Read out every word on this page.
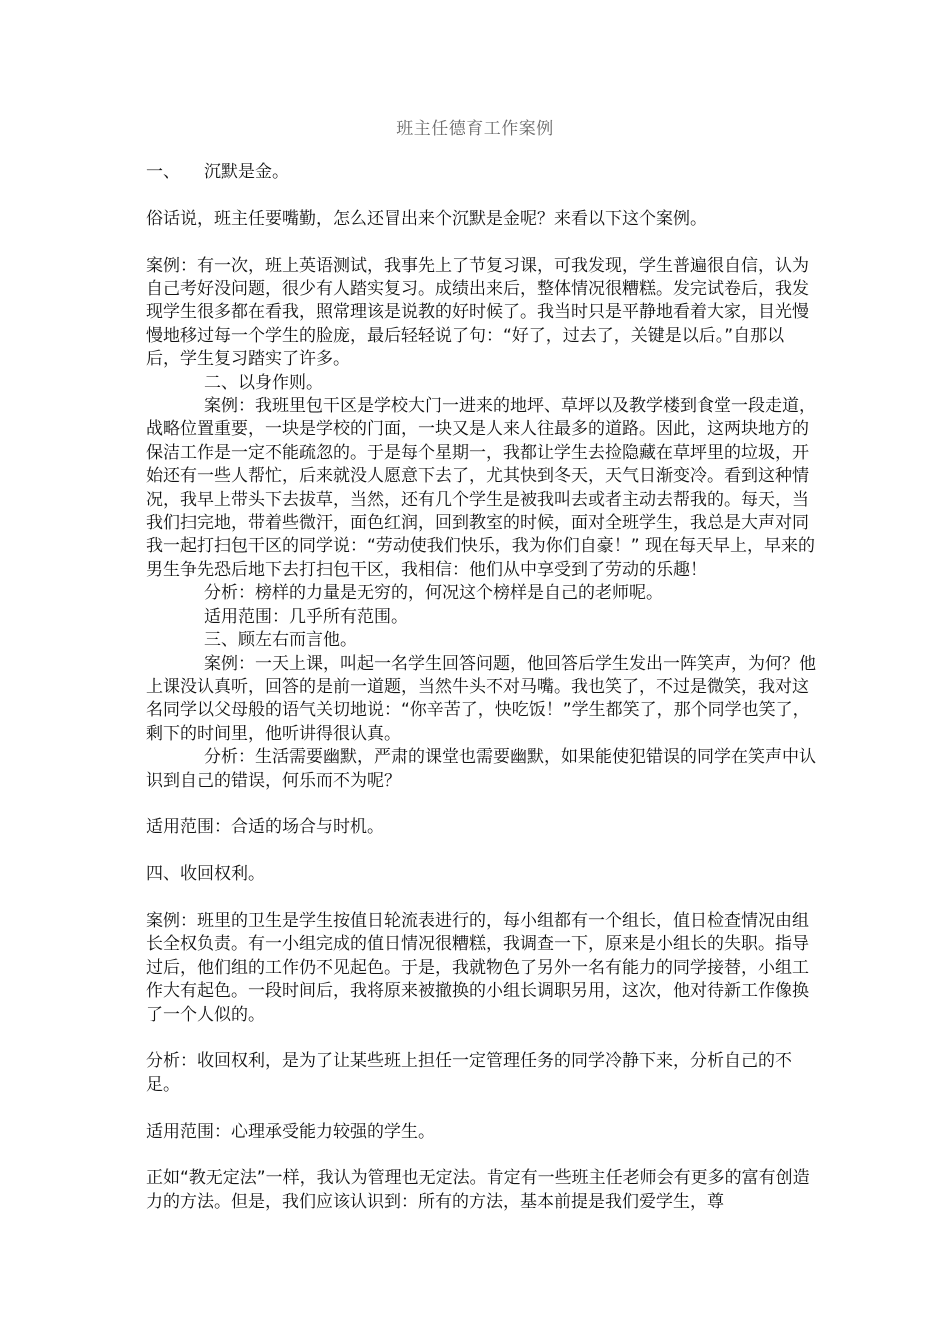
班主任德育工作案例
一、	沉默是金。

俗话说，班主任要嘴勤，怎么还冒出来个沉默是金呢？来看以下这个案例。

案例：有一次，班上英语测试，我事先上了节复习课，可我发现，学生普遍很自信，认为自己考好没问题，很少有人踏实复习。成绩出来后，整体情况很糟糕。发完试卷后，我发现学生很多都在看我，照常理该是说教的好时候了。我当时只是平静地看着大家，目光慢慢地移过每一个学生的脸庞，最后轻轻说了句：“好了，过去了，关键是以后。”自那以后，学生复习踏实了许多。

二、以身作则。

案例：我班里包干区是学校大门一进来的地坪、草坪以及教学楼到食堂一段走道，战略位置重要，一块是学校的门面，一块又是人来人往最多的道路。因此，这两块地方的保洁工作是一定不能疏忽的。于是每个星期一，我都让学生去捡隐藏在草坪里的垃圾，开始还有一些人帮忙，后来就没人愿意下去了，尤其快到冬天，天气日渐变冷。看到这种情况，我早上带头下去拔草，当然，还有几个学生是被我叫去或者主动去帮我的。每天，当我们扫完地，带着些微汗，面色红润，回到教室的时候，面对全班学生，我总是大声对同我一起打扫包干区的同学说：“劳动使我们快乐，我为你们自豪！” 现在每天早上，早来的男生争先恐后地下去打扫包干区，我相信：他们从中享受到了劳动的乐趣！

分析：榜样的力量是无穷的，何况这个榜样是自己的老师呢。

适用范围：几乎所有范围。

三、顾左右而言他。

案例：一天上课，叫起一名学生回答问题，他回答后学生发出一阵笑声，为何？他上课没认真听，回答的是前一道题，当然牛头不对马嘴。我也笑了，不过是微笑，我对这名同学以父母般的语气关切地说：“你辛苦了，快吃饭！”学生都笑了，那个同学也笑了，剩下的时间里，他听讲得很认真。

分析：生活需要幽默，严肃的课堂也需要幽默，如果能使犯错误的同学在笑声中认识到自己的错误，何乐而不为呢？

适用范围：合适的场合与时机。

四、收回权利。

案例：班里的卫生是学生按值日轮流表进行的，每小组都有一个组长，值日检查情况由组长全权负责。有一小组完成的值日情况很糟糕，我调查一下，原来是小组长的失职。指导过后，他们组的工作仍不见起色。于是，我就物色了另外一名有能力的同学接替，小组工作大有起色。一段时间后，我将原来被撤换的小组长调职另用，这次，他对待新工作像换了一个人似的。

分析：收回权利，是为了让某些班上担任一定管理任务的同学冷静下来，分析自己的不足。

适用范围：心理承受能力较强的学生。

正如“教无定法”一样，我认为管理也无定法。肯定有一些班主任老师会有更多的富有创造力的方法。但是，我们应该认识到：所有的方法，基本前提是我们爱学生，尊
